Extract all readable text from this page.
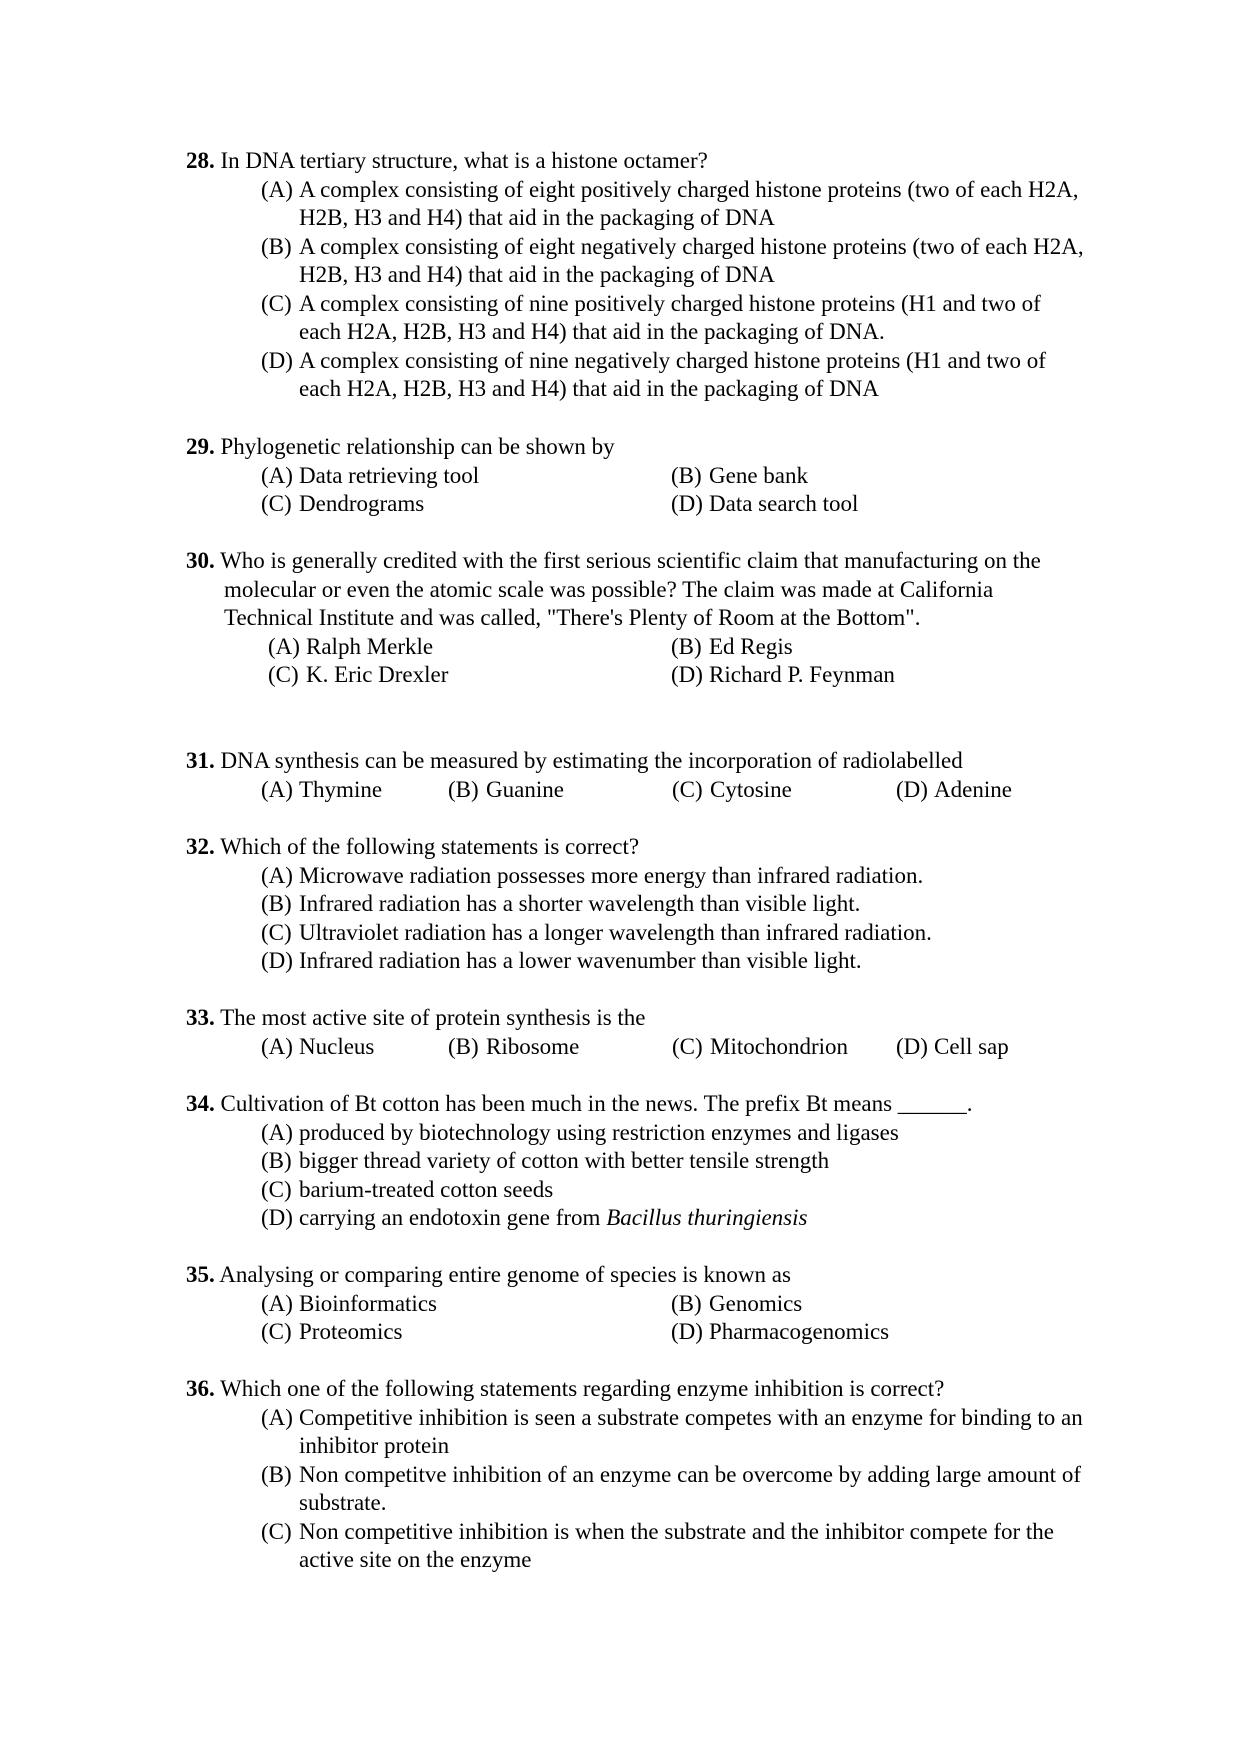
28. In DNA tertiary structure, what is a histone octamer?
(A) A complex consisting of eight positively charged histone proteins (two of each H2A, H2B, H3 and H4) that aid in the packaging of DNA
(B) A complex consisting of eight negatively charged histone proteins (two of each H2A, H2B, H3 and H4) that aid in the packaging of DNA
(C) A complex consisting of nine positively charged histone proteins (H1 and two of each H2A, H2B, H3 and H4) that aid in the packaging of DNA.
(D) A complex consisting of nine negatively charged histone proteins (H1 and two of each H2A, H2B, H3 and H4) that aid in the packaging of DNA
29. Phylogenetic relationship can be shown by
(A) Data retrieving tool	(B) Gene bank
(C) Dendrograms	(D) Data search tool
30. Who is generally credited with the first serious scientific claim that manufacturing on the molecular or even the atomic scale was possible? The claim was made at California Technical Institute and was called, "There's Plenty of Room at the Bottom".
(A) Ralph Merkle	(B) Ed Regis
(C) K. Eric Drexler	(D) Richard P. Feynman
31. DNA synthesis can be measured by estimating the incorporation of radiolabelled
(A) Thymine	(B) Guanine	(C) Cytosine	(D) Adenine
32. Which of the following statements is correct?
(A) Microwave radiation possesses more energy than infrared radiation.
(B) Infrared radiation has a shorter wavelength than visible light.
(C) Ultraviolet radiation has a longer wavelength than infrared radiation.
(D) Infrared radiation has a lower wavenumber than visible light.
33. The most active site of protein synthesis is the
(A) Nucleus	(B) Ribosome	(C) Mitochondrion (D) Cell sap
34. Cultivation of Bt cotton has been much in the news. The prefix Bt means ______.
(A) produced by biotechnology using restriction enzymes and ligases
(B) bigger thread variety of cotton with better tensile strength
(C) barium-treated cotton seeds
(D) carrying an endotoxin gene from Bacillus thuringiensis
35. Analysing or comparing entire genome of species is known as
(A) Bioinformatics	(B) Genomics
(C) Proteomics	(D) Pharmacogenomics
36. Which one of the following statements regarding enzyme inhibition is correct?
(A) Competitive inhibition is seen a substrate competes with an enzyme for binding to an inhibitor protein
(B) Non competitve inhibition of an enzyme can be overcome by adding large amount of substrate.
(C) Non competitive inhibition is when the substrate and the inhibitor compete for the active site on the enzyme
